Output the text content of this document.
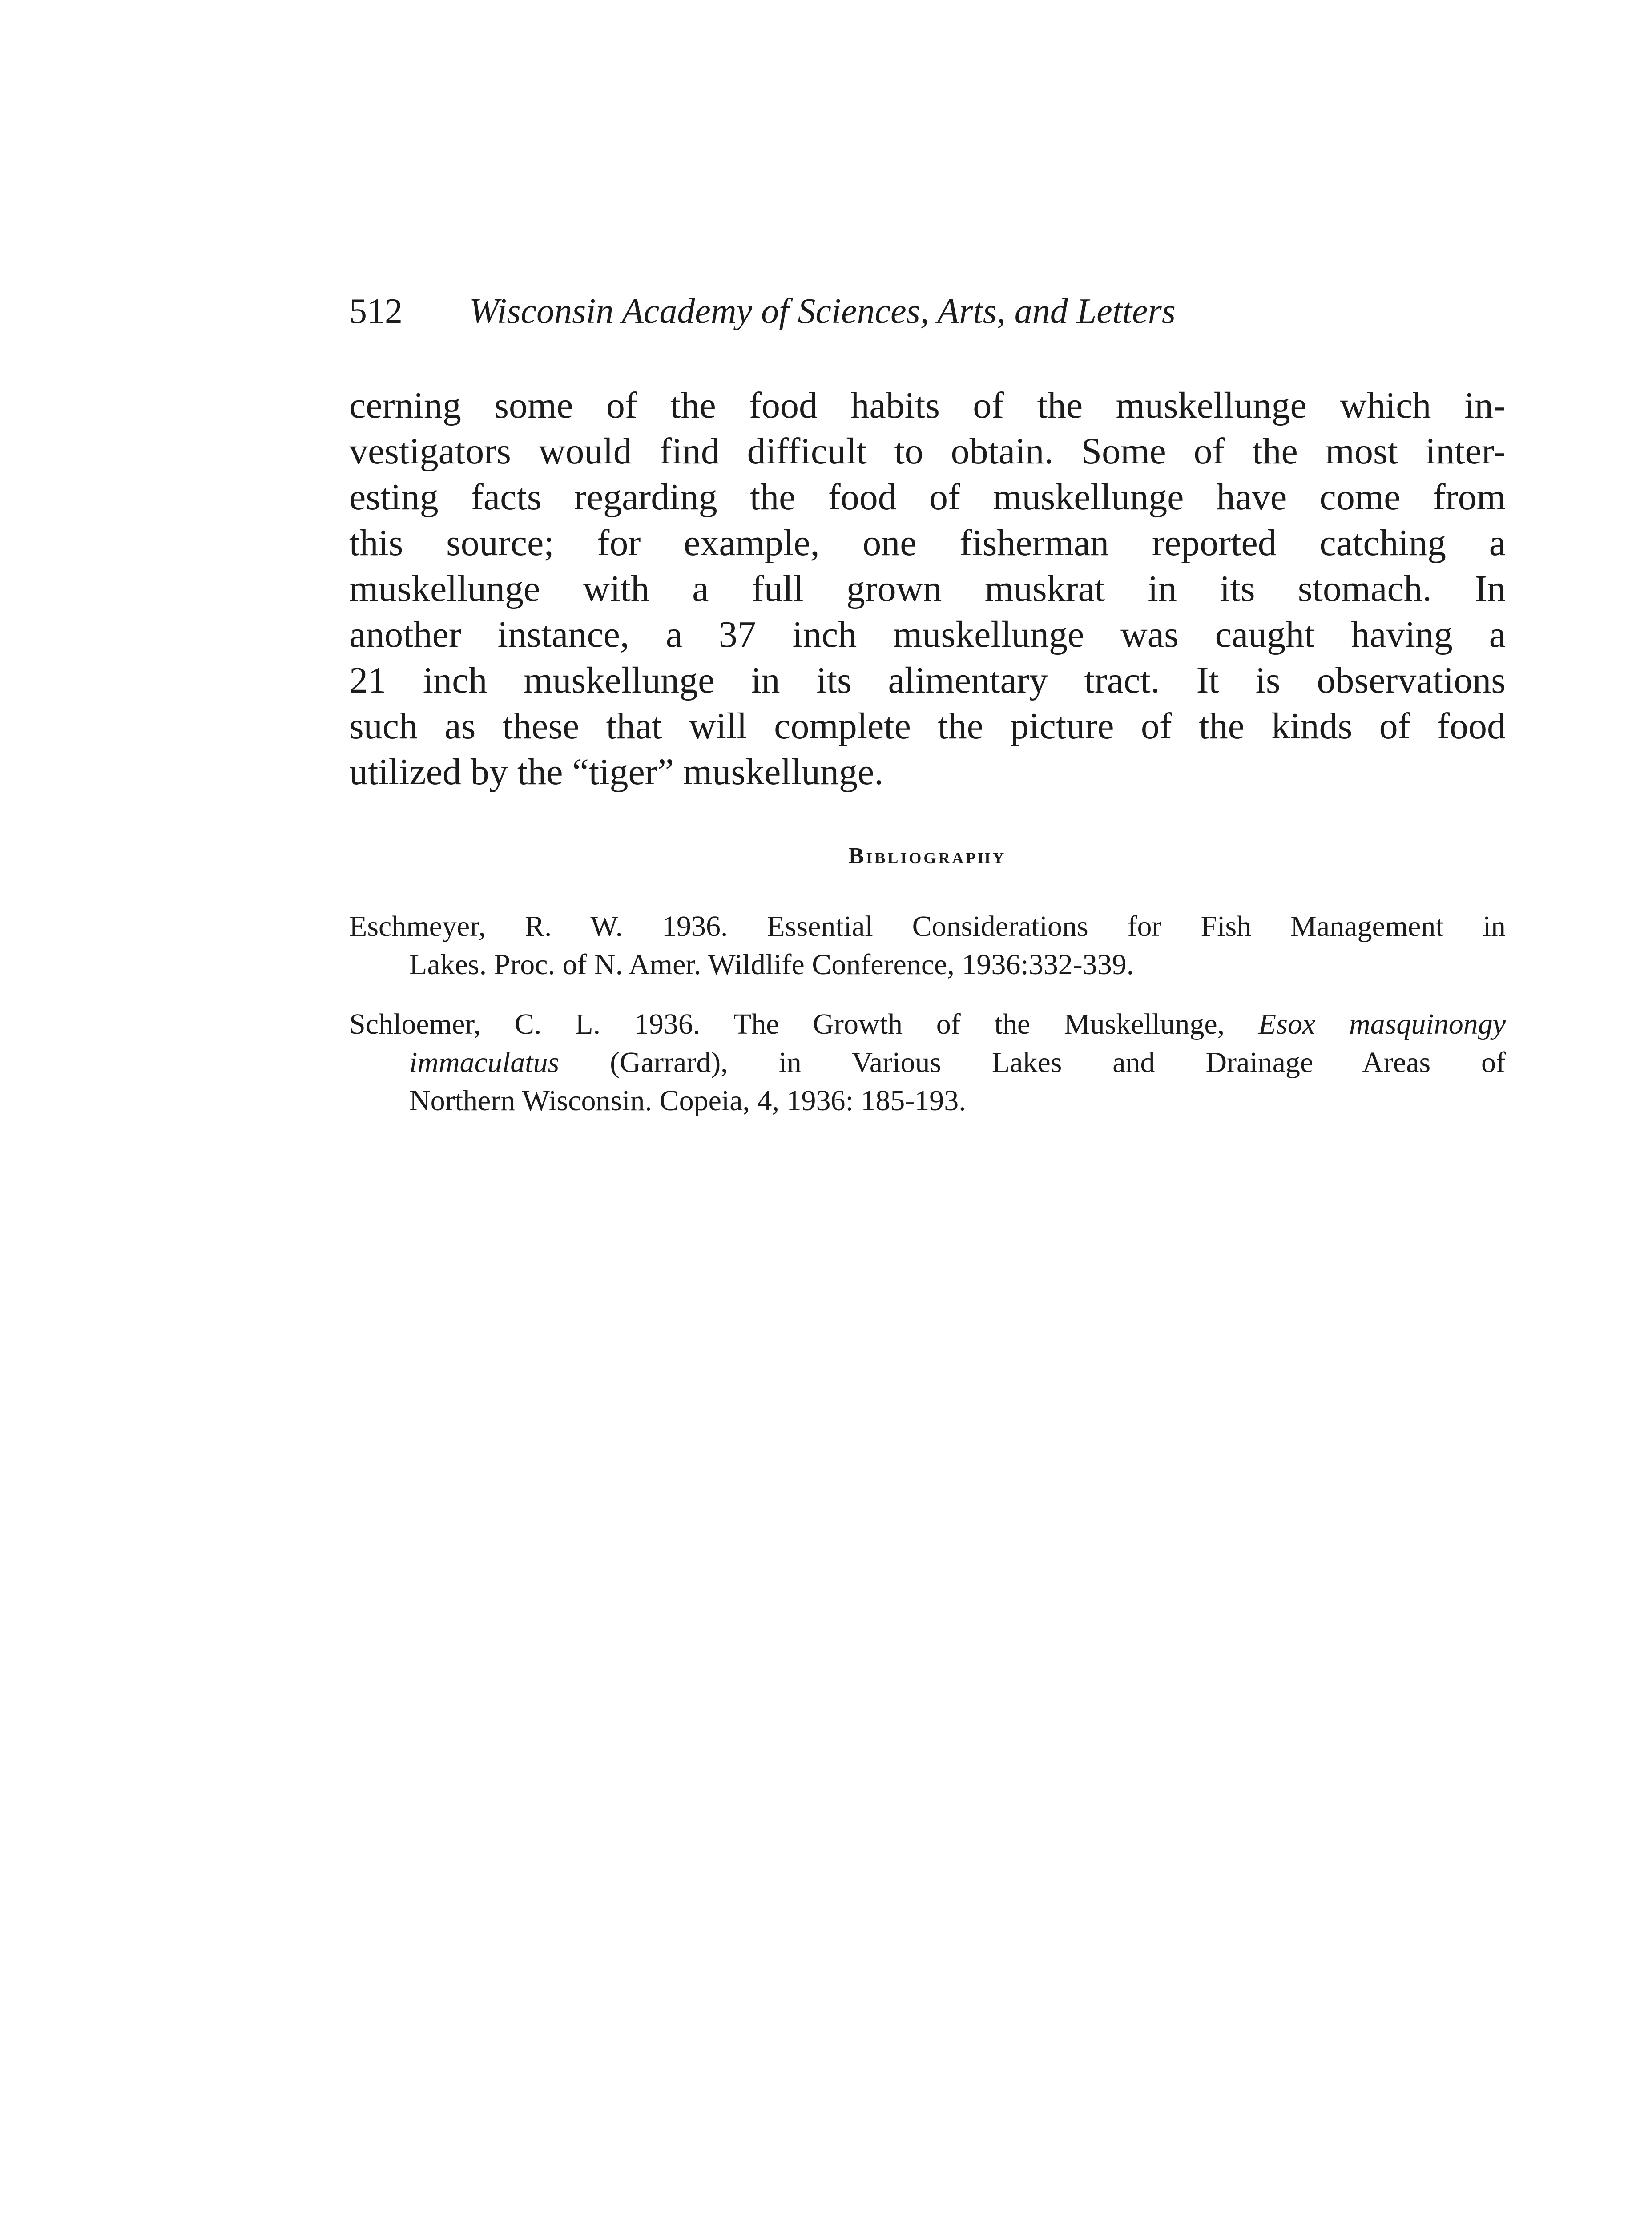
512 Wisconsin Academy of Sciences, Arts, and Letters
cerning some of the food habits of the muskellunge which in-
vestigators would find difficult to obtain. Some of the most inter-
esting facts regarding the food of muskellunge have come from
this source; for example, one fisherman reported catching a
muskellunge with a full grown muskrat in its stomach. In
another instance, a 37 inch muskellunge was caught having a
21 inch muskellunge in its alimentary tract. It is observations
such as these that will complete the picture of the kinds of food
utilized by the “tiger” muskellunge.
Bibliography
Eschmeyer, R. W. 1936. Essential Considerations for Fish Management in
Lakes. Proc. of N. Amer. Wildlife Conference, 1936:332-339.
Schloemer, C. L. 1936. The Growth of the Muskellunge, Esox masquinongy
immaculatus (Garrard), in Various Lakes and Drainage Areas of
Northern Wisconsin. Copeia, 4, 1936: 185-193.
